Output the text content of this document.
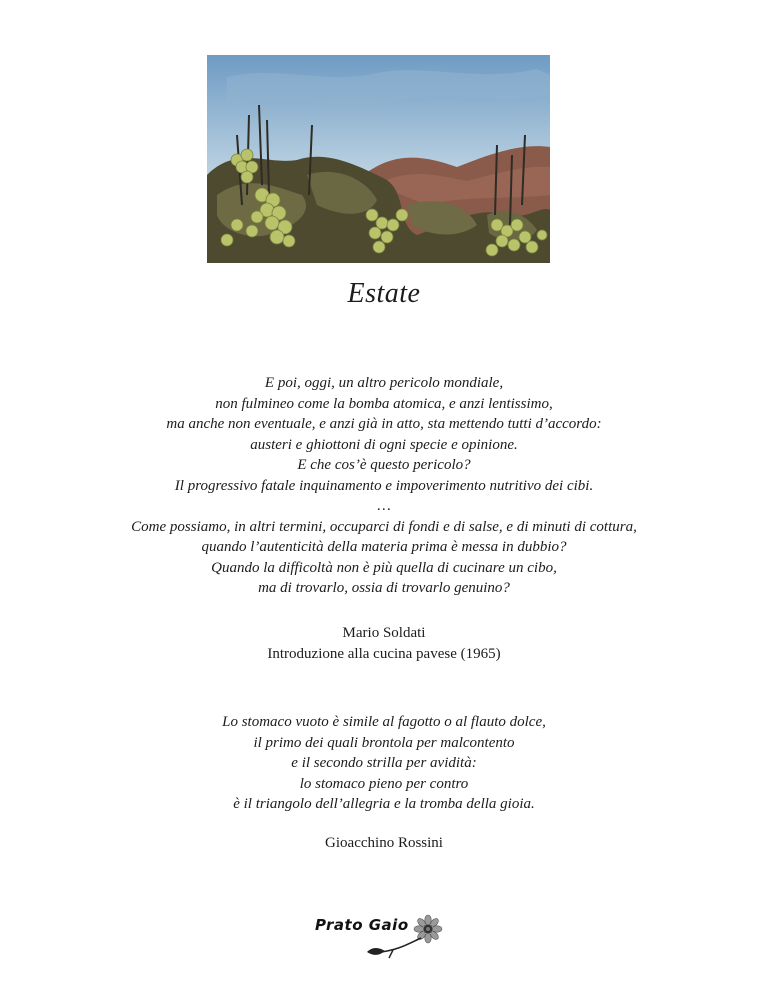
Estate
E poi, oggi, un altro pericolo mondiale,
non fulmineo come la bomba atomica, e anzi lentissimo,
ma anche non eventuale, e anzi già in atto, sta mettendo tutti d’accordo:
austeri e ghiottoni di ogni specie e opinione.
E che cos’è questo pericolo?
Il progressivo fatale inquinamento e impoverimento nutritivo dei cibi.
…
Come possiamo, in altri termini, occuparci di fondi e di salse, e di minuti di cottura,
quando l’autenticità della materia prima è messa in dubbio?
Quando la difficoltà non è più quella di cucinare un cibo,
ma di trovarlo, ossia di trovarlo genuino?
Mario Soldati
Introduzione alla cucina pavese (1965)
Lo stomaco vuoto è simile al fagotto o al flauto dolce,
il primo dei quali brontola per malcontento
e il secondo strilla per avidità:
lo stomaco pieno per contro
è il triangolo dell’allegria e la tromba della gioia.
Gioacchino Rossini
Prato Gaio
